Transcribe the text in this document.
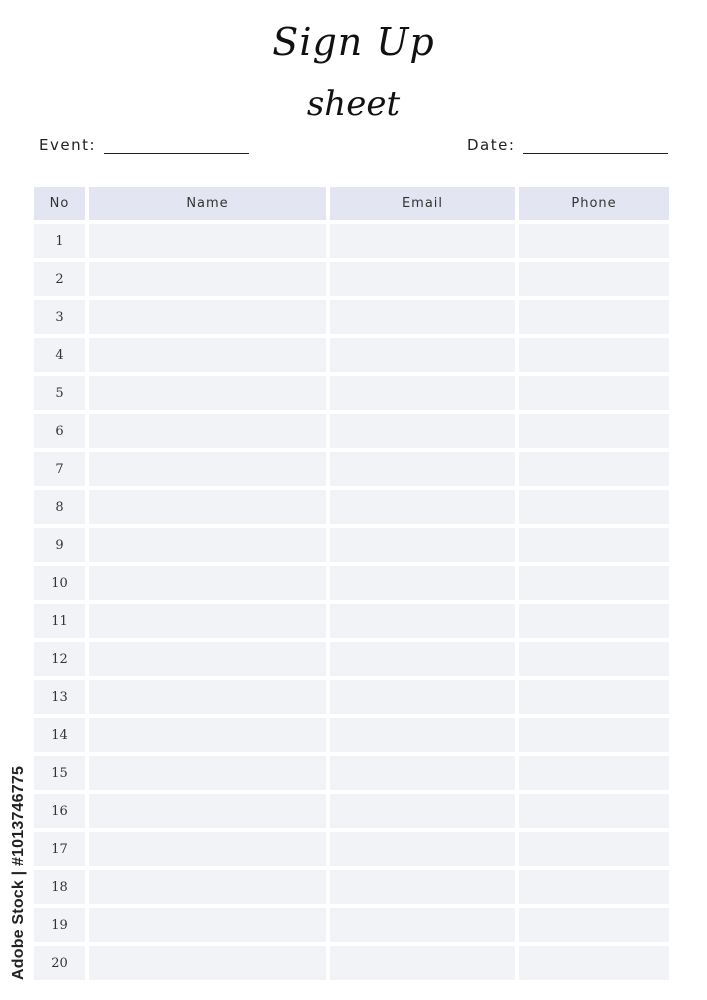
Sign Up
sheet
Event:	Date:
No	Name	Email	Phone
1
2
3
4
5
6
7
8
9
10
11
12
13
14
15
16
17
18
19
20
Adobe Stock | #1013746775
